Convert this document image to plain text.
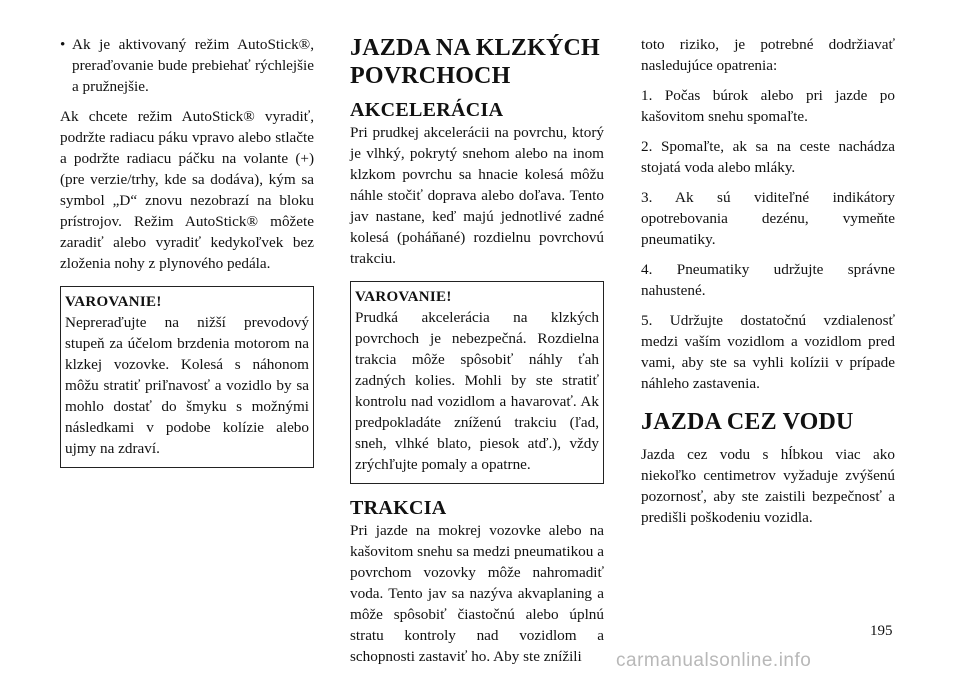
• Ak je aktivovaný režim AutoStick®, preraďovanie bude prebiehať rýchlejšie a pružnejšie.

Ak chcete režim AutoStick® vyradiť, podržte radiacu páku vpravo alebo stlačte a podržte radiacu páčku na volante (+) (pre verzie/trhy, kde sa dodáva), kým sa symbol „D“ znovu nezobrazí na bloku prístrojov. Režim AutoStick® môžete zaradiť alebo vyradiť kedykoľvek bez zloženia nohy z plynového pedála.

VAROVANIE!

Nepreraďujte na nižší prevodový stupeň za účelom brzdenia motorom na klzkej vozovke. Kolesá s náhonom môžu stratiť priľnavosť a vozidlo by sa mohlo dostať do šmyku s možnými následkami v podobe kolízie alebo ujmy na zdraví.

JAZDA NA KLZKÝCH POVRCHOCH
AKCELERÁCIA

Pri prudkej akcelerácii na povrchu, ktorý je vlhký, pokrytý snehom alebo na inom klzkom povrchu sa hnacie kolesá môžu náhle stočiť doprava alebo doľava. Tento jav nastane, keď majú jednotlivé zadné kolesá (poháňané) rozdielnu povrchovú trakciu.

VAROVANIE!

Prudká akcelerácia na klzkých povrchoch je nebezpečná. Rozdielna trakcia môže spôsobiť náhly ťah zadných kolies. Mohli by ste stratiť kontrolu nad vozidlom a havarovať. Ak predpokladáte zníženú trakciu (ľad, sneh, vlhké blato, piesok atď.), vždy zrýchľujte pomaly a opatrne.

TRAKCIA

Pri jazde na mokrej vozovke alebo na kašovitom snehu sa medzi pneumatikou a povrchom vozovky môže nahromadiť voda. Tento jav sa nazýva akvaplaning a môže spôsobiť čiastočnú alebo úplnú stratu kontroly nad vozidlom a schopnosti zastaviť ho. Aby ste znížili

toto riziko, je potrebné dodržiavať nasledujúce opatrenia:

1. Počas búrok alebo pri jazde po kašovitom snehu spomaľte.

2. Spomaľte, ak sa na ceste nachádza stojatá voda alebo mláky.

3. Ak sú viditeľné indikátory opotrebovania dezénu, vymeňte pneumatiky.

4. Pneumatiky udržujte správne nahustené.

5. Udržujte dostatočnú vzdialenosť medzi vaším vozidlom a vozidlom pred vami, aby ste sa vyhli kolízii v prípade náhleho zastavenia.

JAZDA CEZ VODU

Jazda cez vodu s hĺbkou viac ako niekoľko centimetrov vyžaduje zvýšenú pozornosť, aby ste zaistili bezpečnosť a predišli poškodeniu vozidla.

195
carmanualsonline.info
